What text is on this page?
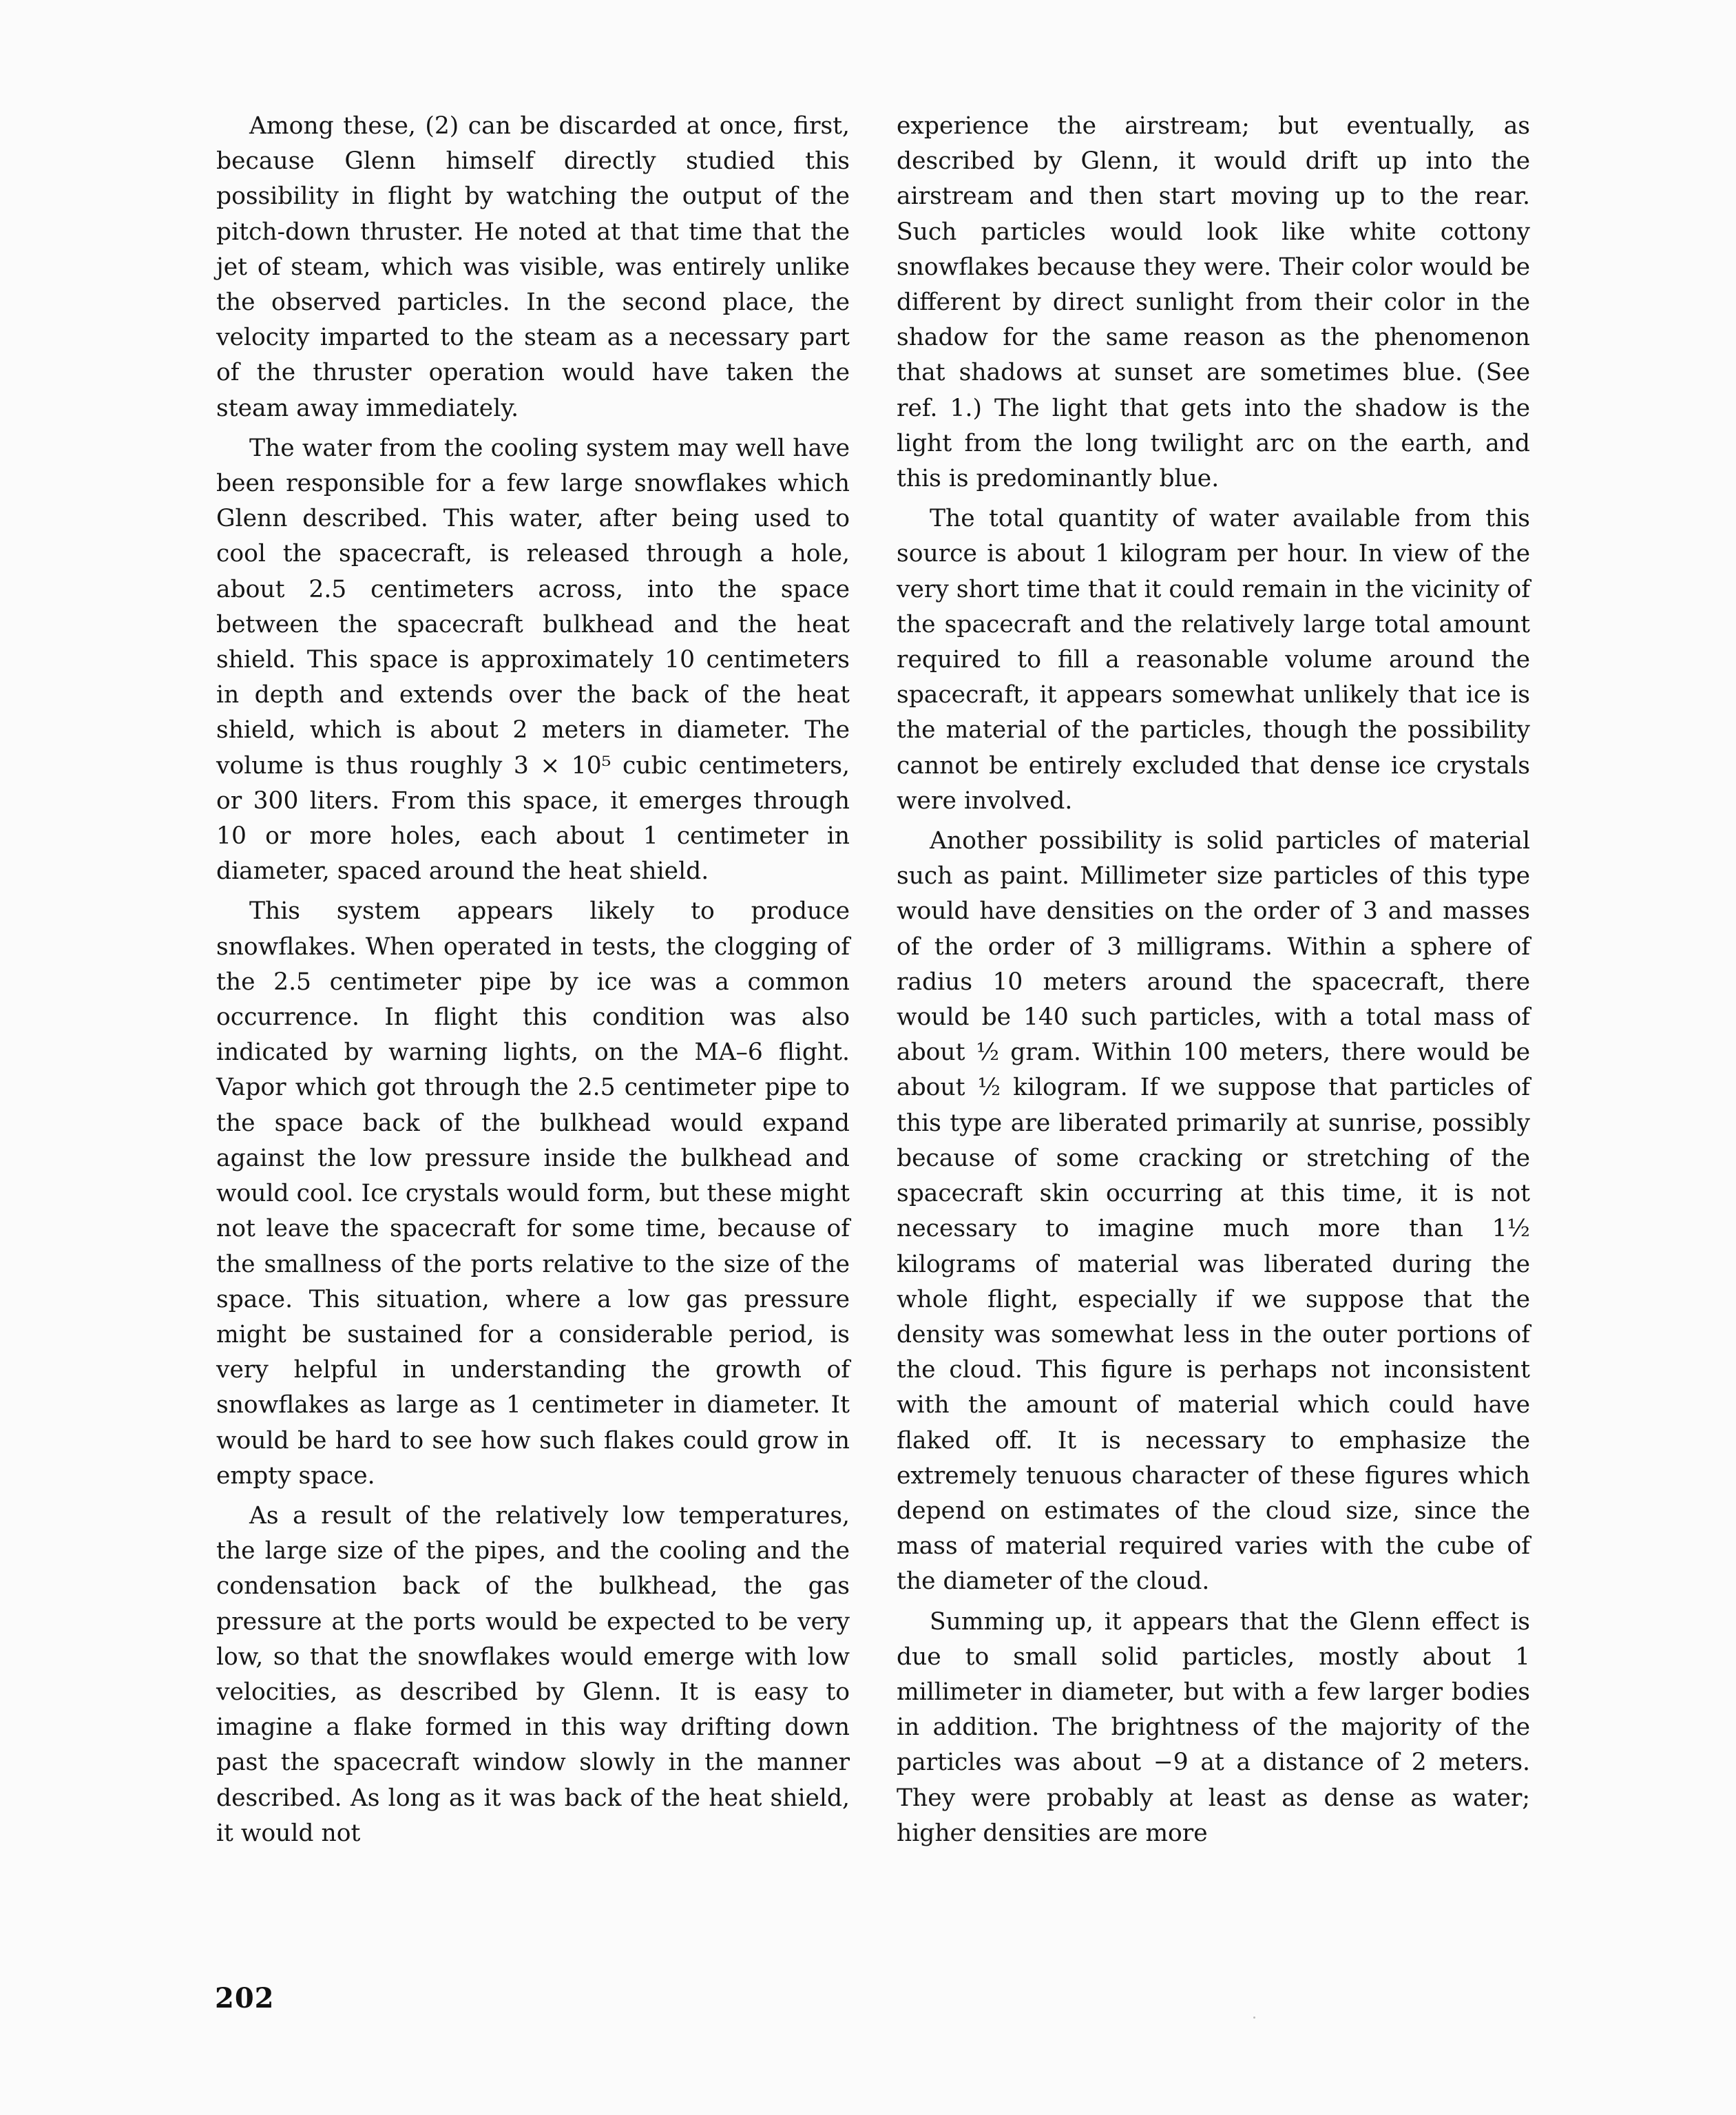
Among these, (2) can be discarded at once, first, because Glenn himself directly studied this possibility in flight by watching the output of the pitch-down thruster. He noted at that time that the jet of steam, which was visible, was entirely unlike the observed particles. In the second place, the velocity imparted to the steam as a necessary part of the thruster operation would have taken the steam away immediately.

The water from the cooling system may well have been responsible for a few large snowflakes which Glenn described. This water, after being used to cool the spacecraft, is released through a hole, about 2.5 centimeters across, into the space between the spacecraft bulkhead and the heat shield. This space is approximately 10 centimeters in depth and extends over the back of the heat shield, which is about 2 meters in diameter. The volume is thus roughly 3 × 10⁵ cubic centimeters, or 300 liters. From this space, it emerges through 10 or more holes, each about 1 centimeter in diameter, spaced around the heat shield.

This system appears likely to produce snowflakes. When operated in tests, the clogging of the 2.5 centimeter pipe by ice was a common occurrence. In flight this condition was also indicated by warning lights, on the MA–6 flight. Vapor which got through the 2.5 centimeter pipe to the space back of the bulkhead would expand against the low pressure inside the bulkhead and would cool. Ice crystals would form, but these might not leave the spacecraft for some time, because of the smallness of the ports relative to the size of the space. This situation, where a low gas pressure might be sustained for a considerable period, is very helpful in understanding the growth of snowflakes as large as 1 centimeter in diameter. It would be hard to see how such flakes could grow in empty space.

As a result of the relatively low temperatures, the large size of the pipes, and the cooling and the condensation back of the bulkhead, the gas pressure at the ports would be expected to be very low, so that the snowflakes would emerge with low velocities, as described by Glenn. It is easy to imagine a flake formed in this way drifting down past the spacecraft window slowly in the manner described. As long as it was back of the heat shield, it would not

experience the airstream; but eventually, as described by Glenn, it would drift up into the airstream and then start moving up to the rear. Such particles would look like white cottony snowflakes because they were. Their color would be different by direct sunlight from their color in the shadow for the same reason as the phenomenon that shadows at sunset are sometimes blue. (See ref. 1.) The light that gets into the shadow is the light from the long twilight arc on the earth, and this is predominantly blue.

The total quantity of water available from this source is about 1 kilogram per hour. In view of the very short time that it could remain in the vicinity of the spacecraft and the relatively large total amount required to fill a reasonable volume around the spacecraft, it appears somewhat unlikely that ice is the material of the particles, though the possibility cannot be entirely excluded that dense ice crystals were involved.

Another possibility is solid particles of material such as paint. Millimeter size particles of this type would have densities on the order of 3 and masses of the order of 3 milligrams. Within a sphere of radius 10 meters around the spacecraft, there would be 140 such particles, with a total mass of about ½ gram. Within 100 meters, there would be about ½ kilogram. If we suppose that particles of this type are liberated primarily at sunrise, possibly because of some cracking or stretching of the spacecraft skin occurring at this time, it is not necessary to imagine much more than 1½ kilograms of material was liberated during the whole flight, especially if we suppose that the density was somewhat less in the outer portions of the cloud. This figure is perhaps not inconsistent with the amount of material which could have flaked off. It is necessary to emphasize the extremely tenuous character of these figures which depend on estimates of the cloud size, since the mass of material required varies with the cube of the diameter of the cloud.

Summing up, it appears that the Glenn effect is due to small solid particles, mostly about 1 millimeter in diameter, but with a few larger bodies in addition. The brightness of the majority of the particles was about −9 at a distance of 2 meters. They were probably at least as dense as water; higher densities are more

202
